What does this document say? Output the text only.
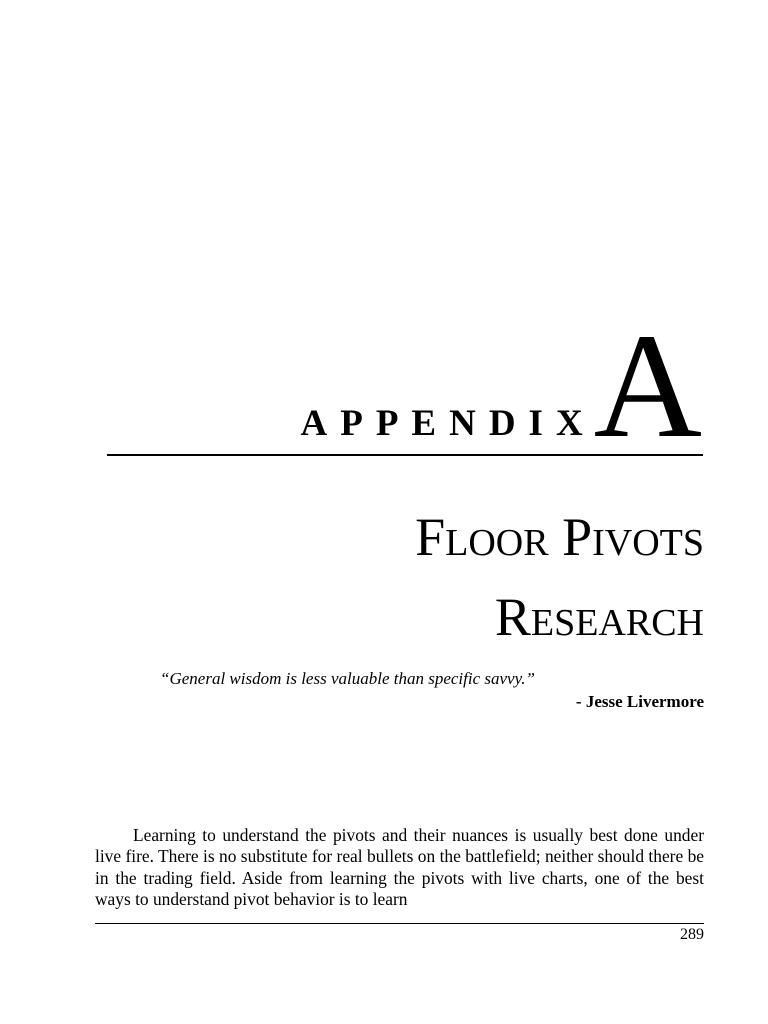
APPENDIX
A
Floor Pivots
Research
“General wisdom is less valuable than specific savvy.”
- Jesse Livermore

Learning to understand the pivots and their nuances is usually best done under live fire. There is no substitute for real bullets on the battlefield; neither should there be in the trading field. Aside from learning the pivots with live charts, one of the best ways to understand pivot behavior is to learn

289
